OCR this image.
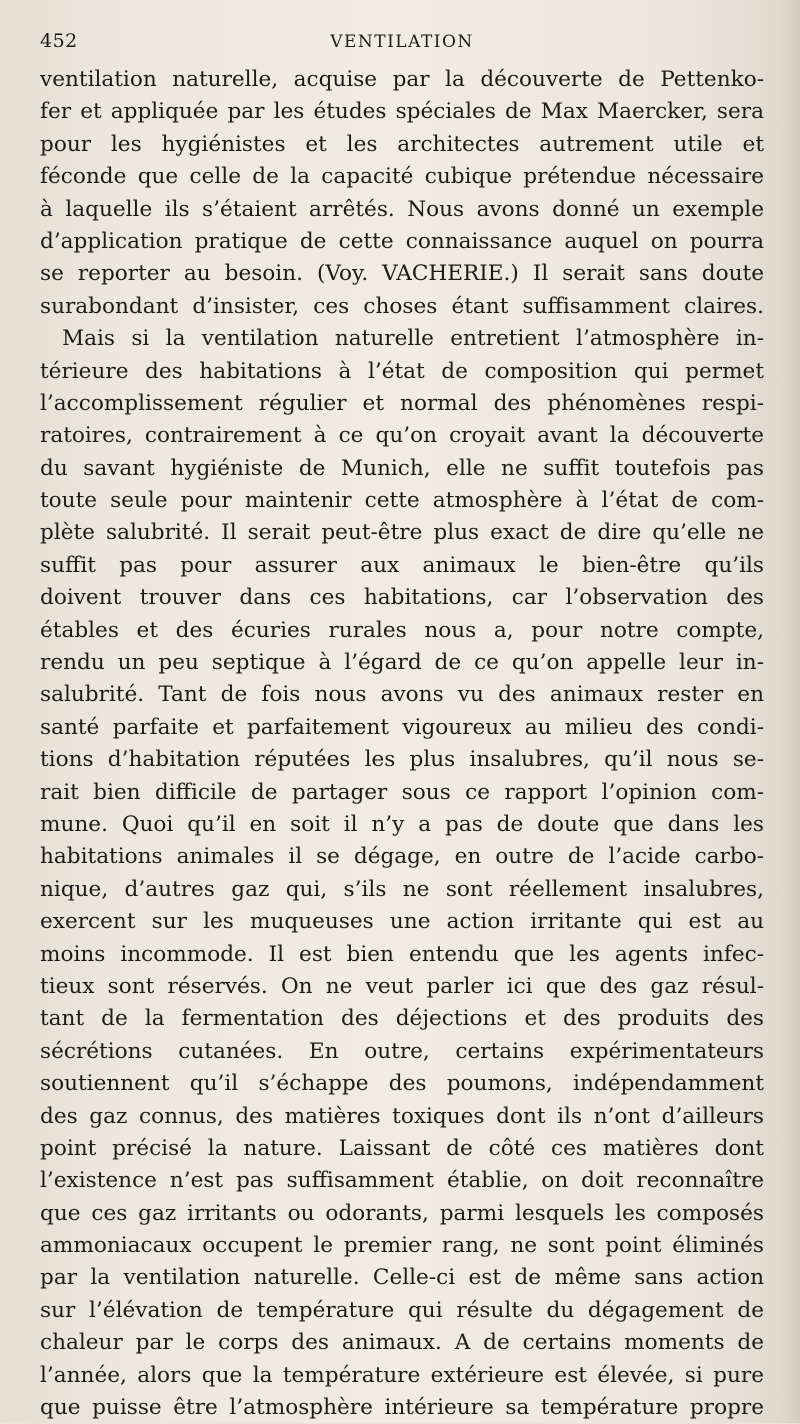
452	VENTILATION
ventilation naturelle, acquise par la découverte de Pettenko-
fer et appliquée par les études spéciales de Max Maercker, sera
pour les hygiénistes et les architectes autrement utile et
féconde que celle de la capacité cubique prétendue nécessaire
à laquelle ils s’étaient arrêtés. Nous avons donné un exemple
d’application pratique de cette connaissance auquel on pourra
se reporter au besoin. (Voy. VACHERIE.) Il serait sans doute
surabondant d’insister, ces choses étant suffisamment claires.
Mais si la ventilation naturelle entretient l’atmosphère in-
térieure des habitations à l’état de composition qui permet
l’accomplissement régulier et normal des phénomènes respi-
ratoires, contrairement à ce qu’on croyait avant la découverte
du savant hygiéniste de Munich, elle ne suffit toutefois pas
toute seule pour maintenir cette atmosphère à l’état de com-
plète salubrité. Il serait peut-être plus exact de dire qu’elle ne
suffit pas pour assurer aux animaux le bien-être qu’ils
doivent trouver dans ces habitations, car l’observation des
étables et des écuries rurales nous a, pour notre compte,
rendu un peu septique à l’égard de ce qu’on appelle leur in-
salubrité. Tant de fois nous avons vu des animaux rester en
santé parfaite et parfaitement vigoureux au milieu des condi-
tions d’habitation réputées les plus insalubres, qu’il nous se-
rait bien difficile de partager sous ce rapport l’opinion com-
mune. Quoi qu’il en soit il n’y a pas de doute que dans les
habitations animales il se dégage, en outre de l’acide carbo-
nique, d’autres gaz qui, s’ils ne sont réellement insalubres,
exercent sur les muqueuses une action irritante qui est au
moins incommode. Il est bien entendu que les agents infec-
tieux sont réservés. On ne veut parler ici que des gaz résul-
tant de la fermentation des déjections et des produits des
sécrétions cutanées. En outre, certains expérimentateurs
soutiennent qu’il s’échappe des poumons, indépendamment
des gaz connus, des matières toxiques dont ils n’ont d’ailleurs
point précisé la nature. Laissant de côté ces matières dont
l’existence n’est pas suffisamment établie, on doit reconnaître
que ces gaz irritants ou odorants, parmi lesquels les composés
ammoniacaux occupent le premier rang, ne sont point éliminés
par la ventilation naturelle. Celle-ci est de même sans action
sur l’élévation de température qui résulte du dégagement de
chaleur par le corps des animaux. A de certains moments de
l’année, alors que la température extérieure est élevée, si pure
que puisse être l’atmosphère intérieure sa température propre
